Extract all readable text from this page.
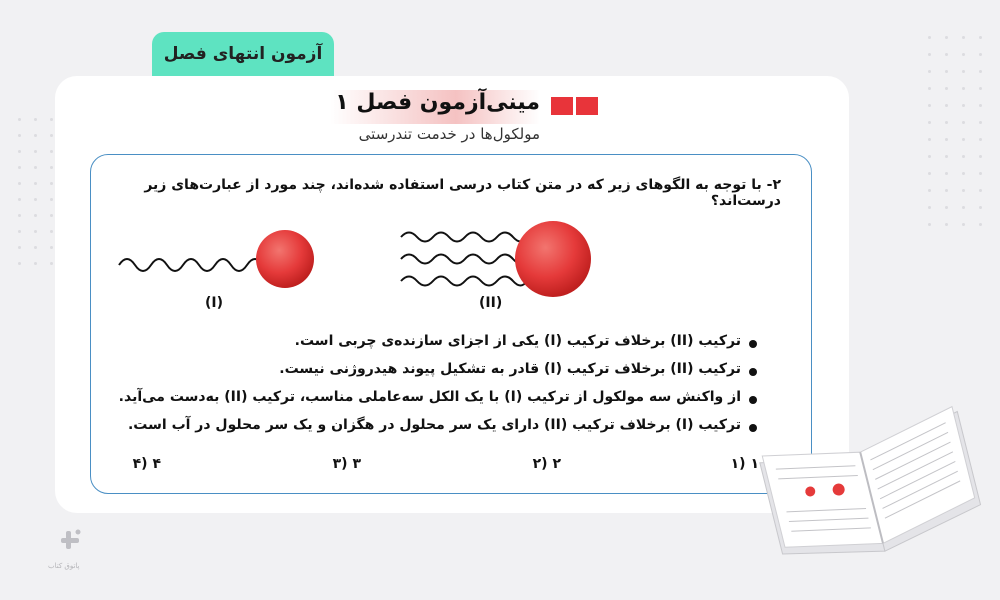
آزمون انتهای فصل
مینی‌آزمون فصل ۱
مولکول‌ها در خدمت تندرستی
۲- با توجه به الگوهای زیر که در متن کتاب درسی استفاده شده‌اند، چند مورد از عبارت‌های زیر درست‌اند؟
(I)	(II)
ترکیب (II) برخلاف ترکیب (I) یکی از اجزای سازنده‌ی چربی است.
ترکیب (II) برخلاف ترکیب (I) قادر به تشکیل پیوند هیدروژنی نیست.
از واکنش سه مولکول از ترکیب (I) با یک الکل سه‌عاملی مناسب، ترکیب (II) به‌دست می‌آید.
ترکیب (I) برخلاف ترکیب (II) دارای یک سر محلول در هگزان و یک سر محلول در آب است.
۱ (۱
۲ (۲
۳ (۳
۴ (۴
پاتوق کتاب
